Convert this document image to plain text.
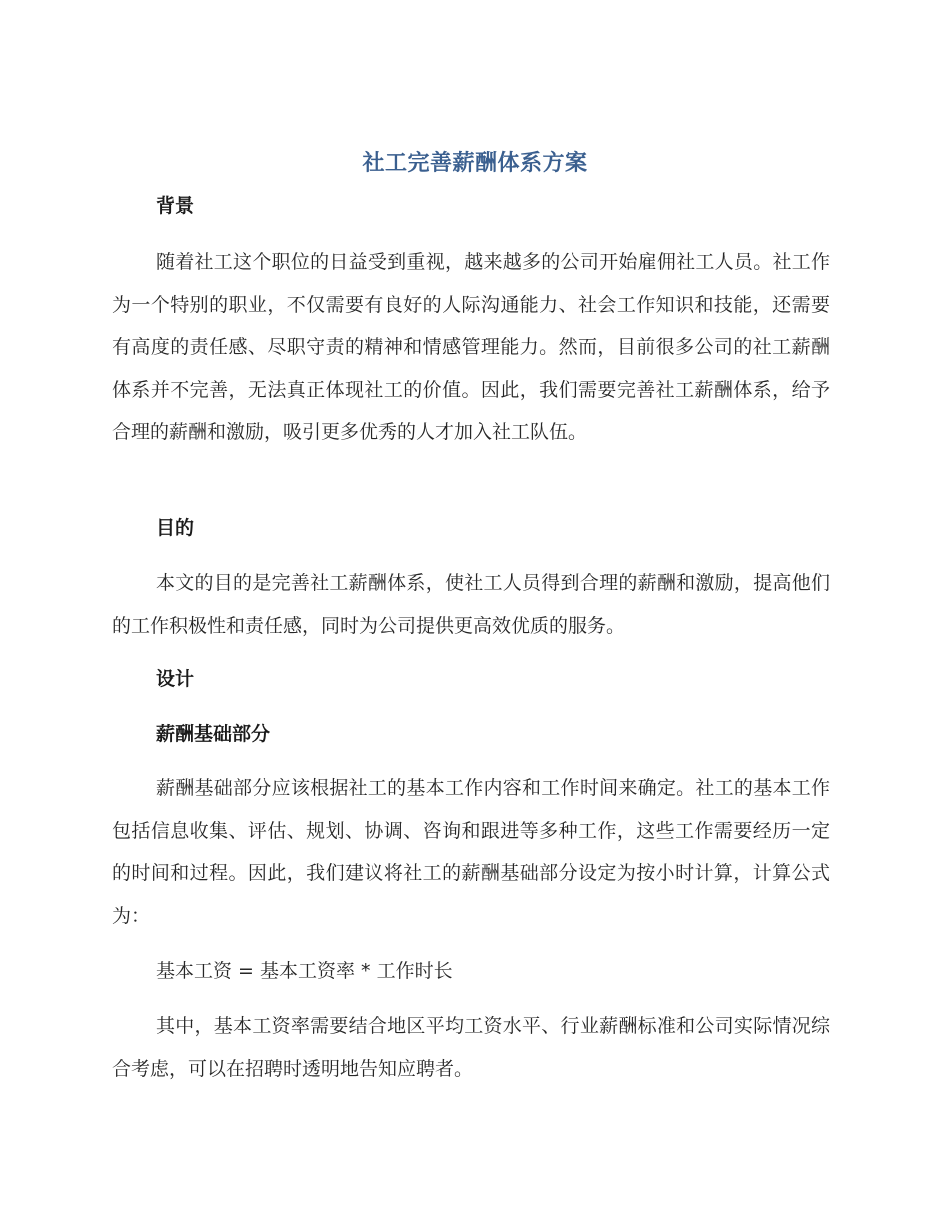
社工完善薪酬体系方案
背景

随着社工这个职位的日益受到重视，越来越多的公司开始雇佣社工人员。社工作为一个特别的职业，不仅需要有良好的人际沟通能力、社会工作知识和技能，还需要有高度的责任感、尽职守责的精神和情感管理能力。然而，目前很多公司的社工薪酬体系并不完善，无法真正体现社工的价值。因此，我们需要完善社工薪酬体系，给予合理的薪酬和激励，吸引更多优秀的人才加入社工队伍。

目的

本文的目的是完善社工薪酬体系，使社工人员得到合理的薪酬和激励，提高他们的工作积极性和责任感，同时为公司提供更高效优质的服务。

设计
薪酬基础部分

薪酬基础部分应该根据社工的基本工作内容和工作时间来确定。社工的基本工作包括信息收集、评估、规划、协调、咨询和跟进等多种工作，这些工作需要经历一定的时间和过程。因此，我们建议将社工的薪酬基础部分设定为按小时计算，计算公式为：

基本工资 = 基本工资率 * 工作时长

其中，基本工资率需要结合地区平均工资水平、行业薪酬标准和公司实际情况综合考虑，可以在招聘时透明地告知应聘者。
